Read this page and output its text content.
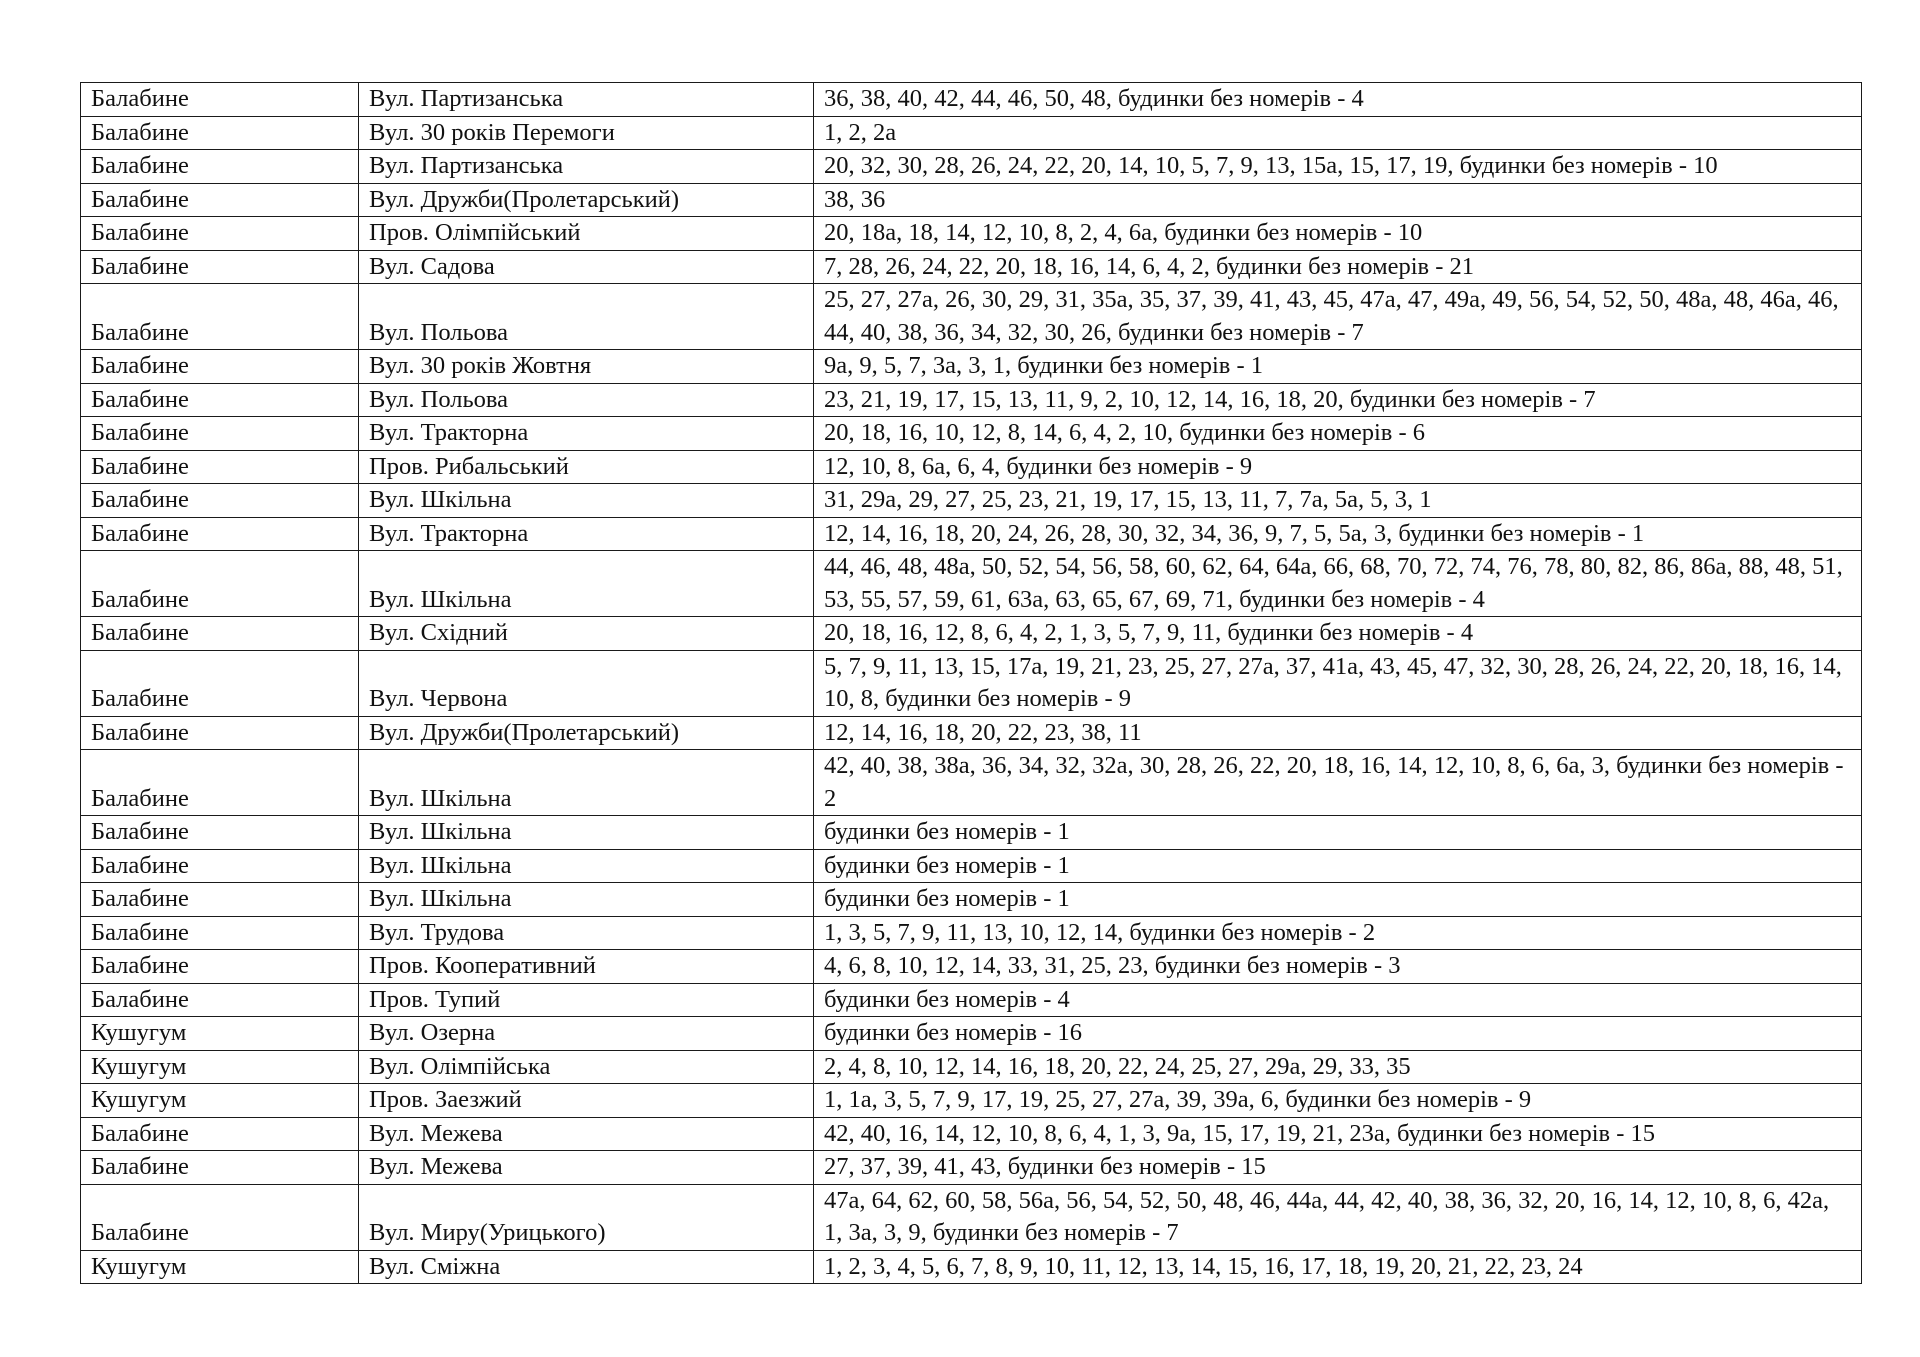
Балабине	Вул. Партизанська	36, 38, 40, 42, 44, 46, 50, 48, будинки без номерів - 4
Балабине	Вул. 30 років Перемоги	1, 2, 2а
Балабине	Вул. Партизанська	20, 32, 30, 28, 26, 24, 22, 20, 14, 10, 5, 7, 9, 13, 15а, 15, 17, 19, будинки без номерів - 10
Балабине	Вул. Дружби(Пролетарський)	38, 36
Балабине	Пров. Олімпійський	20, 18а, 18, 14, 12, 10, 8, 2, 4, 6а, будинки без номерів - 10
Балабине	Вул. Садова	7, 28, 26, 24, 22, 20, 18, 16, 14, 6, 4, 2, будинки без номерів - 21
Балабине	Вул. Польова	25, 27, 27а, 26, 30, 29, 31, 35а, 35, 37, 39, 41, 43, 45, 47а, 47, 49а, 49, 56, 54, 52, 50, 48а, 48, 46а, 46, 44, 40, 38, 36, 34, 32, 30, 26, будинки без номерів - 7
Балабине	Вул. 30 років Жовтня	9а, 9, 5, 7, 3а, 3, 1, будинки без номерів - 1
Балабине	Вул. Польова	23, 21, 19, 17, 15, 13, 11, 9, 2, 10, 12, 14, 16, 18, 20, будинки без номерів - 7
Балабине	Вул. Тракторна	20, 18, 16, 10, 12, 8, 14, 6, 4, 2, 10, будинки без номерів - 6
Балабине	Пров. Рибальський	12, 10, 8, 6а, 6, 4, будинки без номерів - 9
Балабине	Вул. Шкільна	31, 29а, 29, 27, 25, 23, 21, 19, 17, 15, 13, 11, 7, 7а, 5а, 5, 3, 1
Балабине	Вул. Тракторна	12, 14, 16, 18, 20, 24, 26, 28, 30, 32, 34, 36, 9, 7, 5, 5а, 3, будинки без номерів - 1
Балабине	Вул. Шкільна	44, 46, 48, 48а, 50, 52, 54, 56, 58, 60, 62, 64, 64а, 66, 68, 70, 72, 74, 76, 78, 80, 82, 86, 86а, 88, 48, 51, 53, 55, 57, 59, 61, 63а, 63, 65, 67, 69, 71, будинки без номерів - 4
Балабине	Вул. Східний	20, 18, 16, 12, 8, 6, 4, 2, 1, 3, 5, 7, 9, 11, будинки без номерів - 4
Балабине	Вул. Червона	5, 7, 9, 11, 13, 15, 17а, 19, 21, 23, 25, 27, 27а, 37, 41а, 43, 45, 47, 32, 30, 28, 26, 24, 22, 20, 18, 16, 14, 10, 8, будинки без номерів - 9
Балабине	Вул. Дружби(Пролетарський)	12, 14, 16, 18, 20, 22, 23, 38, 11
Балабине	Вул. Шкільна	42, 40, 38, 38а, 36, 34, 32, 32а, 30, 28, 26, 22, 20, 18, 16, 14, 12, 10, 8, 6, 6а, 3, будинки без номерів - 2
Балабине	Вул. Шкільна	будинки без номерів - 1
Балабине	Вул. Шкільна	будинки без номерів - 1
Балабине	Вул. Шкільна	будинки без номерів - 1
Балабине	Вул. Трудова	1, 3, 5, 7, 9, 11, 13, 10, 12, 14, будинки без номерів - 2
Балабине	Пров. Кооперативний	4, 6, 8, 10, 12, 14, 33, 31, 25, 23, будинки без номерів - 3
Балабине	Пров. Тупий	будинки без номерів - 4
Кушугум	Вул. Озерна	будинки без номерів - 16
Кушугум	Вул. Олімпійська	2, 4, 8, 10, 12, 14, 16, 18, 20, 22, 24, 25, 27, 29а, 29, 33, 35
Кушугум	Пров. Заезжий	1, 1а, 3, 5, 7, 9, 17, 19, 25, 27, 27а, 39, 39а, 6, будинки без номерів - 9
Балабине	Вул. Межева	42, 40, 16, 14, 12, 10, 8, 6, 4, 1, 3, 9а, 15, 17, 19, 21, 23а, будинки без номерів - 15
Балабине	Вул. Межева	27, 37, 39, 41, 43, будинки без номерів - 15
Балабине	Вул. Миру(Урицького)	47а, 64, 62, 60, 58, 56а, 56, 54, 52, 50, 48, 46, 44а, 44, 42, 40, 38, 36, 32, 20, 16, 14, 12, 10, 8, 6, 42а, 1, 3а, 3, 9, будинки без номерів - 7
Кушугум	Вул. Сміжна	1, 2, 3, 4, 5, 6, 7, 8, 9, 10, 11, 12, 13, 14, 15, 16, 17, 18, 19, 20, 21, 22, 23, 24
